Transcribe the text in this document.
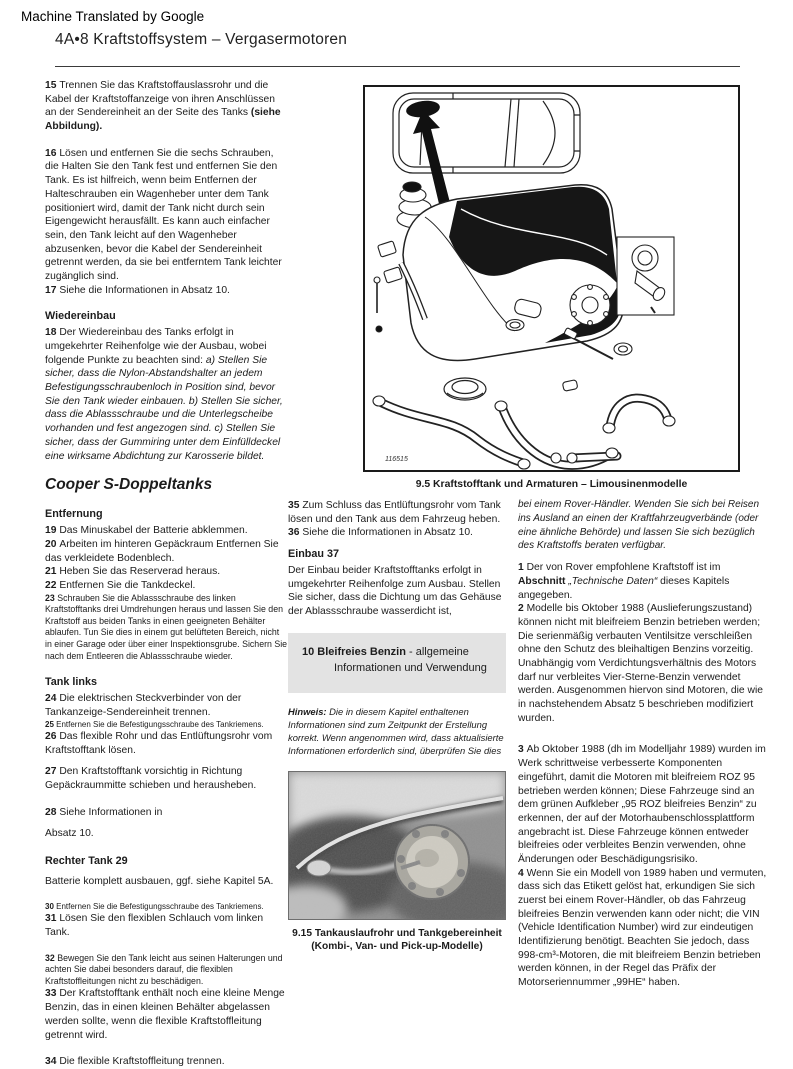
Machine Translated by Google
4A•8 Kraftstoffsystem – Vergasermotoren

15 Trennen Sie das Kraftstoffauslassrohr und die Kabel der Kraftstoffanzeige von ihren Anschlüssen an der Sendereinheit an der Seite des Tanks (siehe Abbildung).

16 Lösen und entfernen Sie die sechs Schrauben, die Halten Sie den Tank fest und entfernen Sie den Tank. Es ist hilfreich, wenn beim Entfernen der Halteschrauben ein Wagenheber unter dem Tank positioniert wird, damit der Tank nicht durch sein Eigengewicht herausfällt. Es kann auch einfacher sein, den Tank leicht auf den Wagenheber abzusenken, bevor die Kabel der Sendereinheit getrennt werden, da sie bei entferntem Tank leichter zugänglich sind.

17 Siehe die Informationen in Absatz 10.

Wiedereinbau

18 Der Wiedereinbau des Tanks erfolgt in umgekehrter Reihenfolge wie der Ausbau, wobei folgende Punkte zu beachten sind: a) Stellen Sie sicher, dass die Nylon-Abstandshalter an jedem Befestigungsschraubenloch in Position sind, bevor Sie den Tank wieder einbauen. b) Stellen Sie sicher, dass die Ablassschraube und die Unterlegscheibe vorhanden und fest angezogen sind. c) Stellen Sie sicher, dass der Gummiring unter dem Einfülldeckel eine wirksame Abdichtung zur Karosserie bildet.

Cooper S-Doppeltanks

Entfernung

19 Das Minuskabel der Batterie abklemmen.

20 Arbeiten im hinteren Gepäckraum Entfernen Sie das verkleidete Bodenblech.

21 Heben Sie das Reserverad heraus.

22 Entfernen Sie die Tankdeckel.

23 Schrauben Sie die Ablassschraube des linken Kraftstofftanks drei Umdrehungen heraus und lassen Sie den Kraftstoff aus beiden Tanks in einen geeigneten Behälter ablaufen. Tun Sie dies in einem gut belüfteten Bereich, nicht in einer Garage oder über einer Inspektionsgrube. Sichern Sie nach dem Entleeren die Ablassschraube wieder.

Tank links

24 Die elektrischen Steckverbinder von der Tankanzeige-Sendereinheit trennen.

25 Entfernen Sie die Befestigungsschraube des Tankriemens.

26 Das flexible Rohr und das Entlüftungsrohr vom Kraftstofftank lösen.

27 Den Kraftstofftank vorsichtig in Richtung Gepäckraummitte schieben und herausheben.

28 Siehe Informationen in

Absatz 10.

Rechter Tank 29

Batterie komplett ausbauen, ggf. siehe Kapitel 5A.

30 Entfernen Sie die Befestigungsschraube des Tankriemens.

31 Lösen Sie den flexiblen Schlauch vom linken Tank.

32 Bewegen Sie den Tank leicht aus seinen Halterungen und achten Sie dabei besonders darauf, die flexiblen Kraftstoffleitungen nicht zu beschädigen.

33 Der Kraftstofftank enthält noch eine kleine Menge Benzin, das in einen kleinen Behälter abgelassen werden sollte, wenn die flexible Kraftstoffleitung getrennt wird.

34 Die flexible Kraftstoffleitung trennen.

116515
9.5 Kraftstofftank und Armaturen – Limousinenmodelle

35 Zum Schluss das Entlüftungsrohr vom Tank lösen und den Tank aus dem Fahrzeug heben.

36 Siehe die Informationen in Absatz 10.

Einbau 37

Der Einbau beider Kraftstofftanks erfolgt in umgekehrter Reihenfolge zum Ausbau. Stellen Sie sicher, dass die Dichtung um das Gehäuse der Ablassschraube wasserdicht ist,

10 Bleifreies Benzin - allgemeine
Informationen und Verwendung

Hinweis: Die in diesem Kapitel enthaltenen Informationen sind zum Zeitpunkt der Erstellung korrekt. Wenn angenommen wird, dass aktualisierte Informationen erforderlich sind, überprüfen Sie dies

9.15 Tankauslaufrohr und Tankgebereinheit
(Kombi-, Van- und Pick-up-Modelle)

bei einem Rover-Händler. Wenden Sie sich bei Reisen ins Ausland an einen der Kraftfahrzeugverbände (oder eine ähnliche Behörde) und lassen Sie sich bezüglich des Kraftstoffs beraten verfügbar.

1 Der von Rover empfohlene Kraftstoff ist im Abschnitt „Technische Daten“ dieses Kapitels angegeben.

2 Modelle bis Oktober 1988 (Auslieferungszustand) können nicht mit bleifreiem Benzin betrieben werden; Die serienmäßig verbauten Ventilsitze verschleißen ohne den Schutz des bleihaltigen Benzins vorzeitig. Unabhängig vom Verdichtungsverhältnis des Motors darf nur verbleites Vier-Sterne-Benzin verwendet werden. Ausgenommen hiervon sind Motoren, die wie in nachstehendem Absatz 5 beschrieben modifiziert wurden.

3 Ab Oktober 1988 (dh im Modelljahr 1989) wurden im Werk schrittweise verbesserte Komponenten eingeführt, damit die Motoren mit bleifreiem ROZ 95 betrieben werden können; Diese Fahrzeuge sind an dem grünen Aufkleber „95 ROZ bleifreies Benzin“ zu erkennen, der auf der Motorhaubenschlossplattform angebracht ist. Diese Fahrzeuge können entweder bleifreies oder verbleites Benzin verwenden, ohne Änderungen oder Beschädigungsrisiko.

4 Wenn Sie ein Modell von 1989 haben und vermuten, dass sich das Etikett gelöst hat, erkundigen Sie sich zuerst bei einem Rover-Händler, ob das Fahrzeug bleifreies Benzin verwenden kann oder nicht; die VIN (Vehicle Identification Number) wird zur eindeutigen Identifizierung benötigt. Beachten Sie jedoch, dass 998-cm³-Motoren, die mit bleifreiem Benzin betrieben werden können, in der Regel das Präfix der Motorseriennummer „99HE“ haben.
